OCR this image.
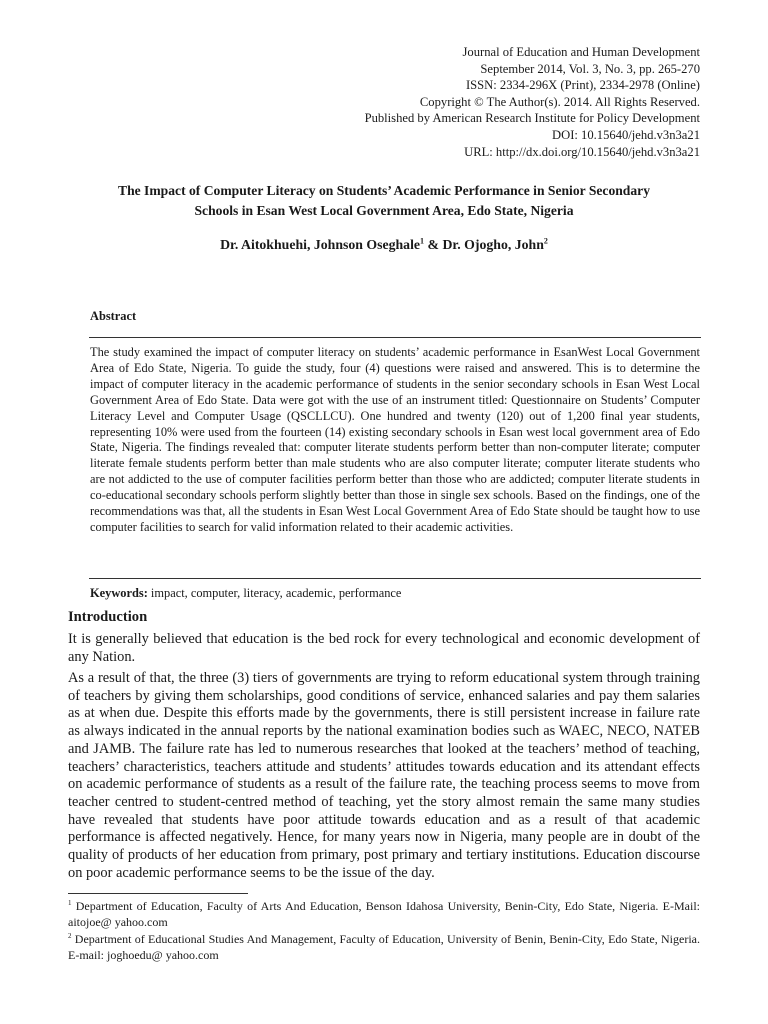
Journal of Education and Human Development
September 2014, Vol. 3, No. 3, pp. 265-270
ISSN: 2334-296X (Print), 2334-2978 (Online)
Copyright © The Author(s). 2014. All Rights Reserved.
Published by American Research Institute for Policy Development
DOI: 10.15640/jehd.v3n3a21
URL: http://dx.doi.org/10.15640/jehd.v3n3a21
The Impact of Computer Literacy on Students’ Academic Performance in Senior Secondary
Schools in Esan West Local Government Area, Edo State, Nigeria
Dr. Aitokhuehi, Johnson Oseghale$^1$ & Dr. Ojogho, John$^2$
Abstract
The study examined the impact of computer literacy on students’ academic performance in EsanWest Local Government Area of Edo State, Nigeria. To guide the study, four (4) questions were raised and answered. This is to determine the impact of computer literacy in the academic performance of students in the senior secondary schools in Esan West Local Government Area of Edo State. Data were got with the use of an instrument titled: Questionnaire on Students’ Computer Literacy Level and Computer Usage (QSCLLCU). One hundred and twenty (120) out of 1,200 final year students, representing 10% were used from the fourteen (14) existing secondary schools in Esan west local government area of Edo State, Nigeria. The findings revealed that: computer literate students perform better than non-computer literate; computer literate female students perform better than male students who are also computer literate; computer literate students who are not addicted to the use of computer facilities perform better than those who are addicted; computer literate students in co-educational secondary schools perform slightly better than those in single sex schools. Based on the findings, one of the recommendations was that, all the students in Esan West Local Government Area of Edo State should be taught how to use computer facilities to search for valid information related to their academic activities.
Keywords: impact, computer, literacy, academic, performance
Introduction

It is generally believed that education is the bed rock for every technological and economic development of any Nation.

As a result of that, the three (3) tiers of governments are trying to reform educational system through training of teachers by giving them scholarships, good conditions of service, enhanced salaries and pay them salaries as at when due. Despite this efforts made by the governments, there is still persistent increase in failure rate as always indicated in the annual reports by the national examination bodies such as WAEC, NECO, NATEB and JAMB. The failure rate has led to numerous researches that looked at the teachers’ method of teaching, teachers’ characteristics, teachers attitude and students’ attitudes towards education and its attendant effects on academic performance of students as a result of the failure rate, the teaching process seems to move from teacher centred to student-centred method of teaching, yet the story almost remain the same many studies have revealed that students have poor attitude towards education and as a result of that academic performance is affected negatively. Hence, for many years now in Nigeria, many people are in doubt of the quality of products of her education from primary, post primary and tertiary institutions. Education discourse on poor academic performance seems to be the issue of the day.

$^1$ Department of Education, Faculty of Arts And Education, Benson Idahosa University, Benin-City, Edo State, Nigeria. E-Mail: aitojoe@ yahoo.com

$^2$ Department of Educational Studies And Management, Faculty of Education, University of Benin, Benin-City, Edo State, Nigeria. E-mail: joghoedu@ yahoo.com
